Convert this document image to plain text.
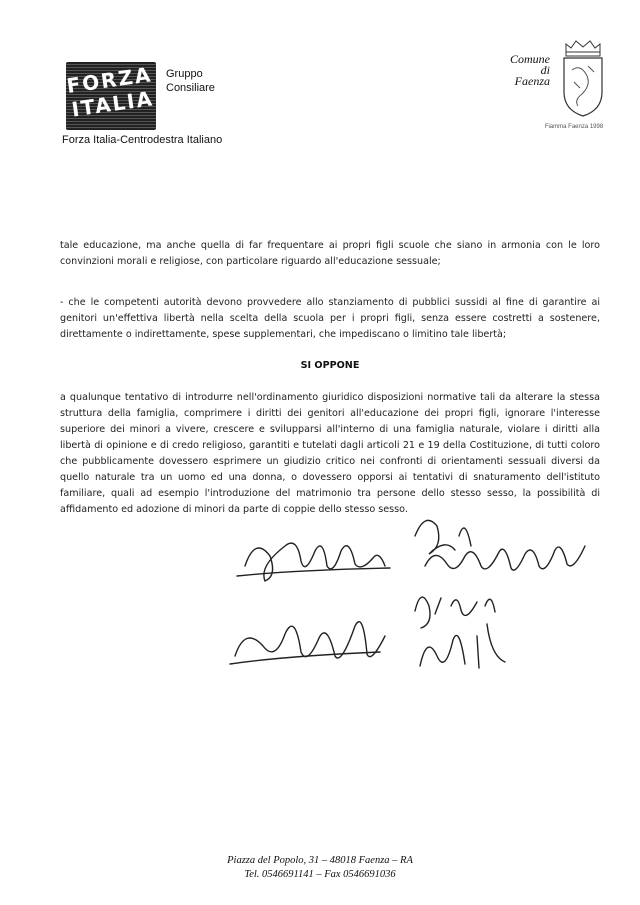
FORZA ITALIA
Gruppo
Consiliare
Forza Italia-Centrodestra Italiano
Comune
di
Faenza
Fiamma Faenza 1998
tale educazione, ma anche quella di far frequentare ai propri figli scuole che siano in armonia con le loro convinzioni morali e religiose, con particolare riguardo all'educazione sessuale;
- che le competenti autorità devono provvedere allo stanziamento di pubblici sussidi al fine di garantire ai genitori un'effettiva libertà nella scelta della scuola per i propri figli, senza essere costretti a sostenere, direttamente o indirettamente, spese supplementari, che impediscano o limitino tale libertà;
SI OPPONE
a qualunque tentativo di introdurre nell'ordinamento giuridico disposizioni normative tali da alterare la stessa struttura della famiglia, comprimere i diritti dei genitori all'educazione dei propri figli, ignorare l'interesse superiore dei minori a vivere, crescere e svilupparsi all'interno di una famiglia naturale, violare i diritti alla libertà di opinione e di credo religioso, garantiti e tutelati dagli articoli 21 e 19 della Costituzione, di tutti coloro che pubblicamente dovessero esprimere un giudizio critico nei confronti di orientamenti sessuali diversi da quello naturale tra un uomo ed una donna, o dovessero opporsi ai tentativi di snaturamento dell'istituto familiare, quali ad esempio l'introduzione del matrimonio tra persone dello stesso sesso, la possibilità di affidamento ed adozione di minori da parte di coppie dello stesso sesso.
Piazza del Popolo, 31 – 48018 Faenza – RA
Tel. 0546691141 – Fax 0546691036
